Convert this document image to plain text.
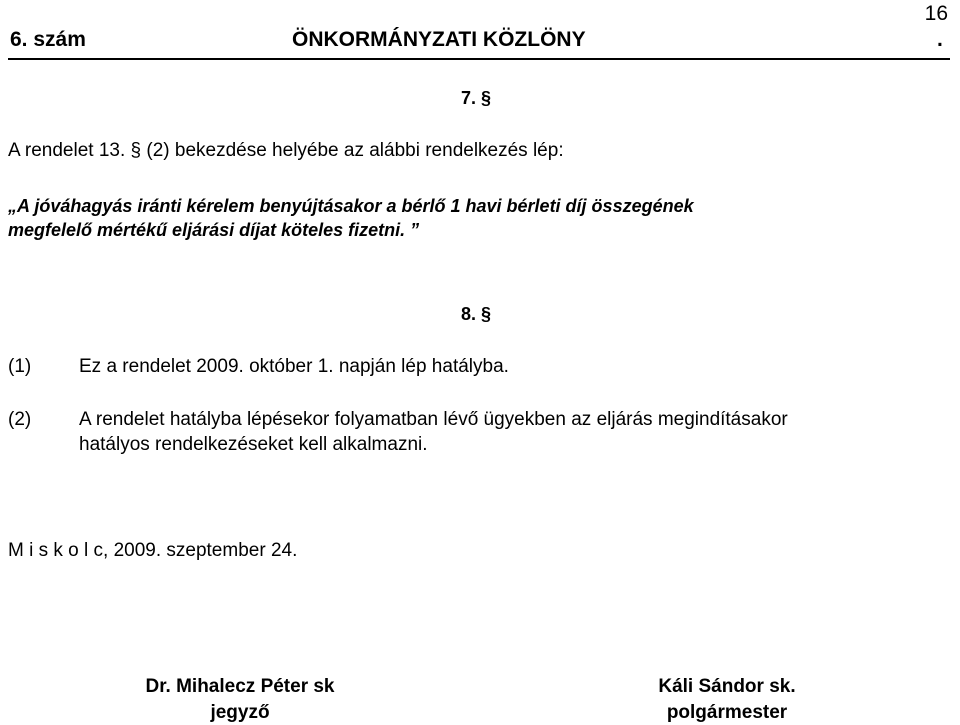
16
6. szám	ÖNKORMÁNYZATI KÖZLÖNY	.
7. §
A rendelet 13. § (2) bekezdése helyébe az alábbi rendelkezés lép:
„A jóváhagyás iránti kérelem benyújtásakor a bérlő 1 havi bérleti díj összegének
megfelelő mértékű eljárási díjat köteles fizetni. ”
8. §
(1)	Ez a rendelet 2009. október 1. napján lép hatályba.
(2)	A rendelet hatályba lépésekor folyamatban lévő ügyekben az eljárás megindításakor
hatályos rendelkezéseket kell alkalmazni.
M i s k o l c, 2009. szeptember 24.
Dr. Mihalecz Péter sk
jegyző
Káli Sándor sk.
polgármester
